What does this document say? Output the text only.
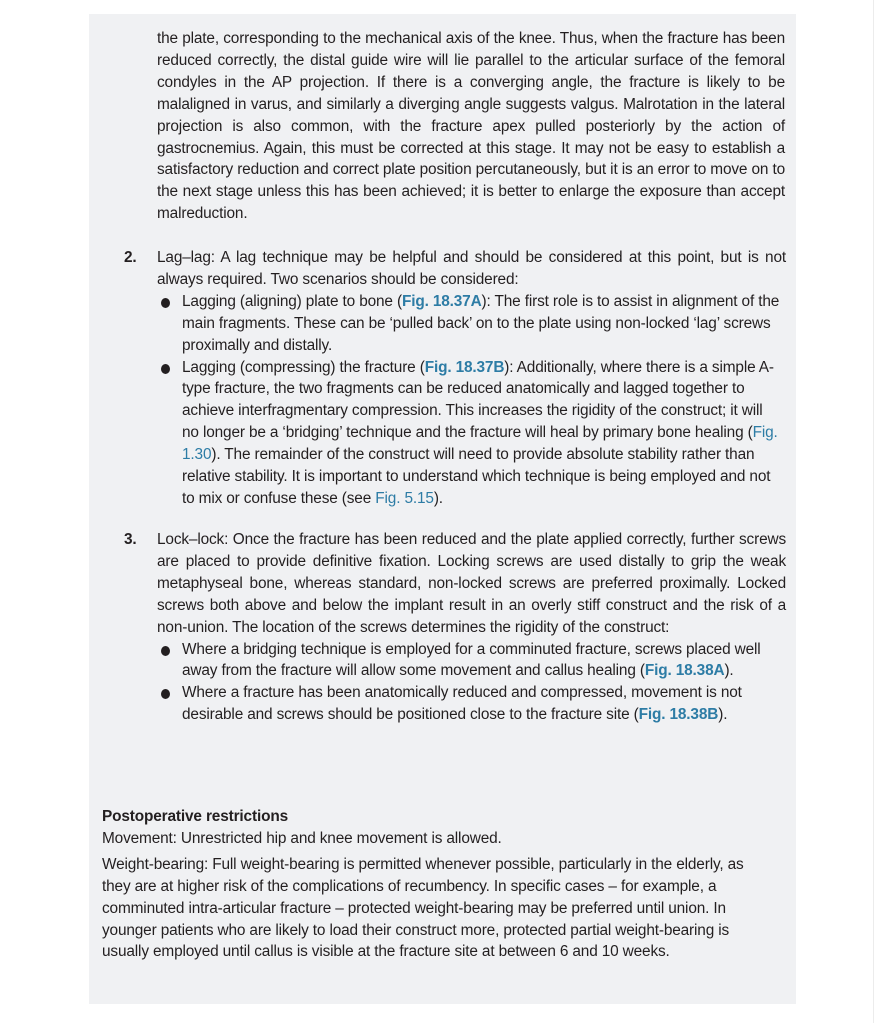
the plate, corresponding to the mechanical axis of the knee. Thus, when the fracture has been reduced correctly, the distal guide wire will lie parallel to the articular surface of the femoral condyles in the AP projection. If there is a converging angle, the fracture is likely to be malaligned in varus, and similarly a diverging angle suggests valgus. Malrotation in the lateral projection is also common, with the fracture apex pulled posteriorly by the action of gastrocnemius. Again, this must be corrected at this stage. It may not be easy to establish a satisfactory reduction and correct plate position percutaneously, but it is an error to move on to the next stage unless this has been achieved; it is better to enlarge the exposure than accept malreduction.
2. Lag–lag: A lag technique may be helpful and should be considered at this point, but is not always required. Two scenarios should be considered:
Lagging (aligning) plate to bone (Fig. 18.37A): The first role is to assist in alignment of the main fragments. These can be ‘pulled back’ on to the plate using non-locked ‘lag’ screws proximally and distally.
Lagging (compressing) the fracture (Fig. 18.37B): Additionally, where there is a simple A-type fracture, the two fragments can be reduced anatomically and lagged together to achieve interfragmentary compression. This increases the rigidity of the construct; it will no longer be a ‘bridging’ technique and the fracture will heal by primary bone healing (Fig. 1.30). The remainder of the construct will need to provide absolute stability rather than relative stability. It is important to understand which technique is being employed and not to mix or confuse these (see Fig. 5.15).
3. Lock–lock: Once the fracture has been reduced and the plate applied correctly, further screws are placed to provide definitive fixation. Locking screws are used distally to grip the weak metaphyseal bone, whereas standard, non-locked screws are preferred proximally. Locked screws both above and below the implant result in an overly stiff construct and the risk of a non-union. The location of the screws determines the rigidity of the construct:
Where a bridging technique is employed for a comminuted fracture, screws placed well away from the fracture will allow some movement and callus healing (Fig. 18.38A).
Where a fracture has been anatomically reduced and compressed, movement is not desirable and screws should be positioned close to the fracture site (Fig. 18.38B).
Postoperative restrictions

Movement: Unrestricted hip and knee movement is allowed.

Weight-bearing: Full weight-bearing is permitted whenever possible, particularly in the elderly, as they are at higher risk of the complications of recumbency. In specific cases – for example, a comminuted intra-articular fracture – protected weight-bearing may be preferred until union. In younger patients who are likely to load their construct more, protected partial weight-bearing is usually employed until callus is visible at the fracture site at between 6 and 10 weeks.
